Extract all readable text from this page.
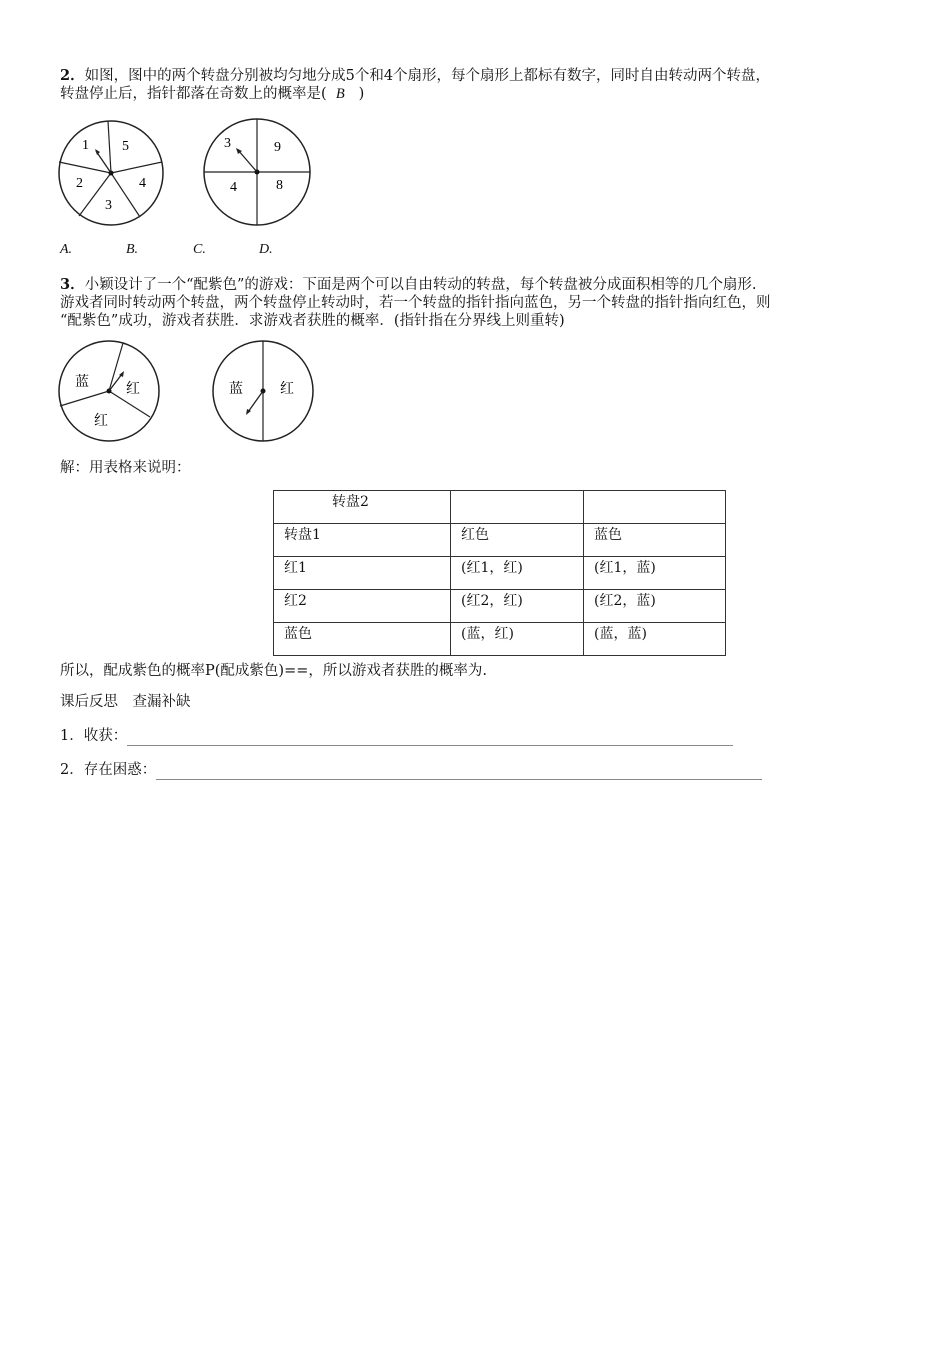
2．如图，图中的两个转盘分别被均匀地分成5个和4个扇形，每个扇形上都标有数字，同时自由转动两个转盘，
转盘停止后，指针都落在奇数上的概率是( B )
1 5
4
3
2
3	9
4	8
A.	B.	C.	D.
3．小颖设计了一个“配紫色”的游戏：下面是两个可以自由转动的转盘，每个转盘被分成面积相等的几个扇形.
游戏者同时转动两个转盘，两个转盘停止转动时，若一个转盘的指针指向蓝色，另一个转盘的指针指向红色，则
“配紫色”成功，游戏者获胜．求游戏者获胜的概率．(指针指在分界线上则重转)
蓝	红
红
蓝	红
解：用表格来说明：
转盘2		
转盘1	红色	蓝色
红1	(红1，红)	(红1，蓝)
红2	(红2，红)	(红2，蓝)
蓝色	(蓝，红)	(蓝，蓝)
所以，配成紫色的概率P(配成紫色)==，所以游戏者获胜的概率为.
课后反思　查漏补缺
1．收获：
2．存在困惑：
